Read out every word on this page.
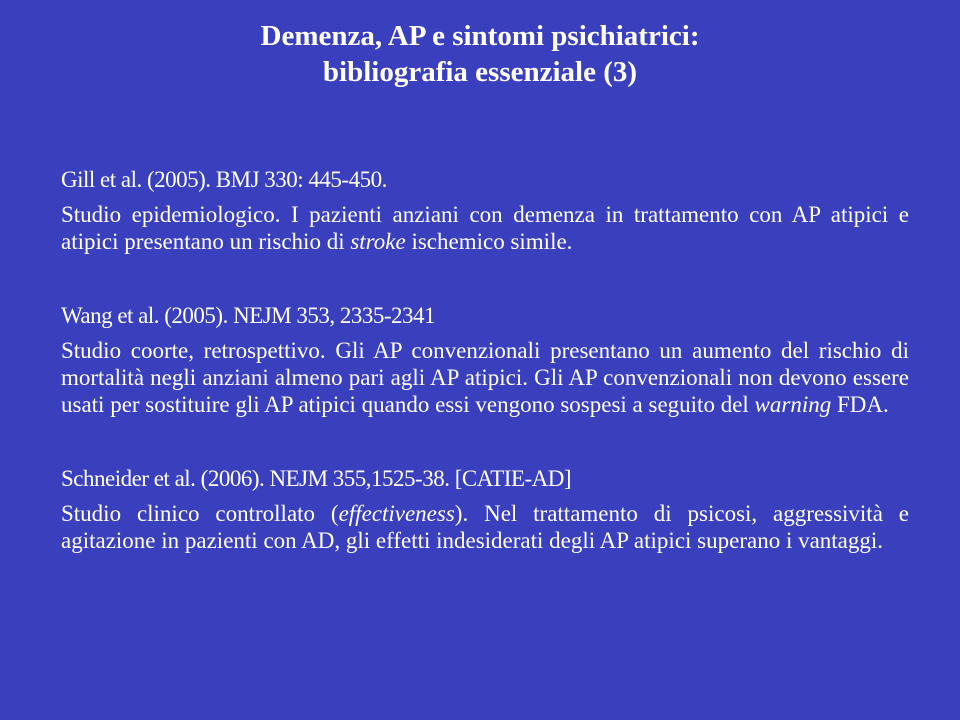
Demenza, AP e sintomi psichiatrici:
bibliografia essenziale (3)

Gill et al. (2005). BMJ 330: 445-450.

Studio epidemiologico. I pazienti anziani con demenza in trattamento con AP atipici e atipici presentano un rischio di stroke ischemico simile.

Wang et al. (2005). NEJM 353, 2335-2341

Studio coorte, retrospettivo. Gli AP convenzionali presentano un aumento del rischio di mortalità negli anziani almeno pari agli AP atipici. Gli AP convenzionali non devono essere usati per sostituire gli AP atipici quando essi vengono sospesi a seguito del warning FDA.

Schneider et al. (2006). NEJM 355,1525-38. [CATIE-AD]

Studio clinico controllato (effectiveness). Nel trattamento di psicosi, aggressività e agitazione in pazienti con AD, gli effetti indesiderati degli AP atipici superano i vantaggi.
